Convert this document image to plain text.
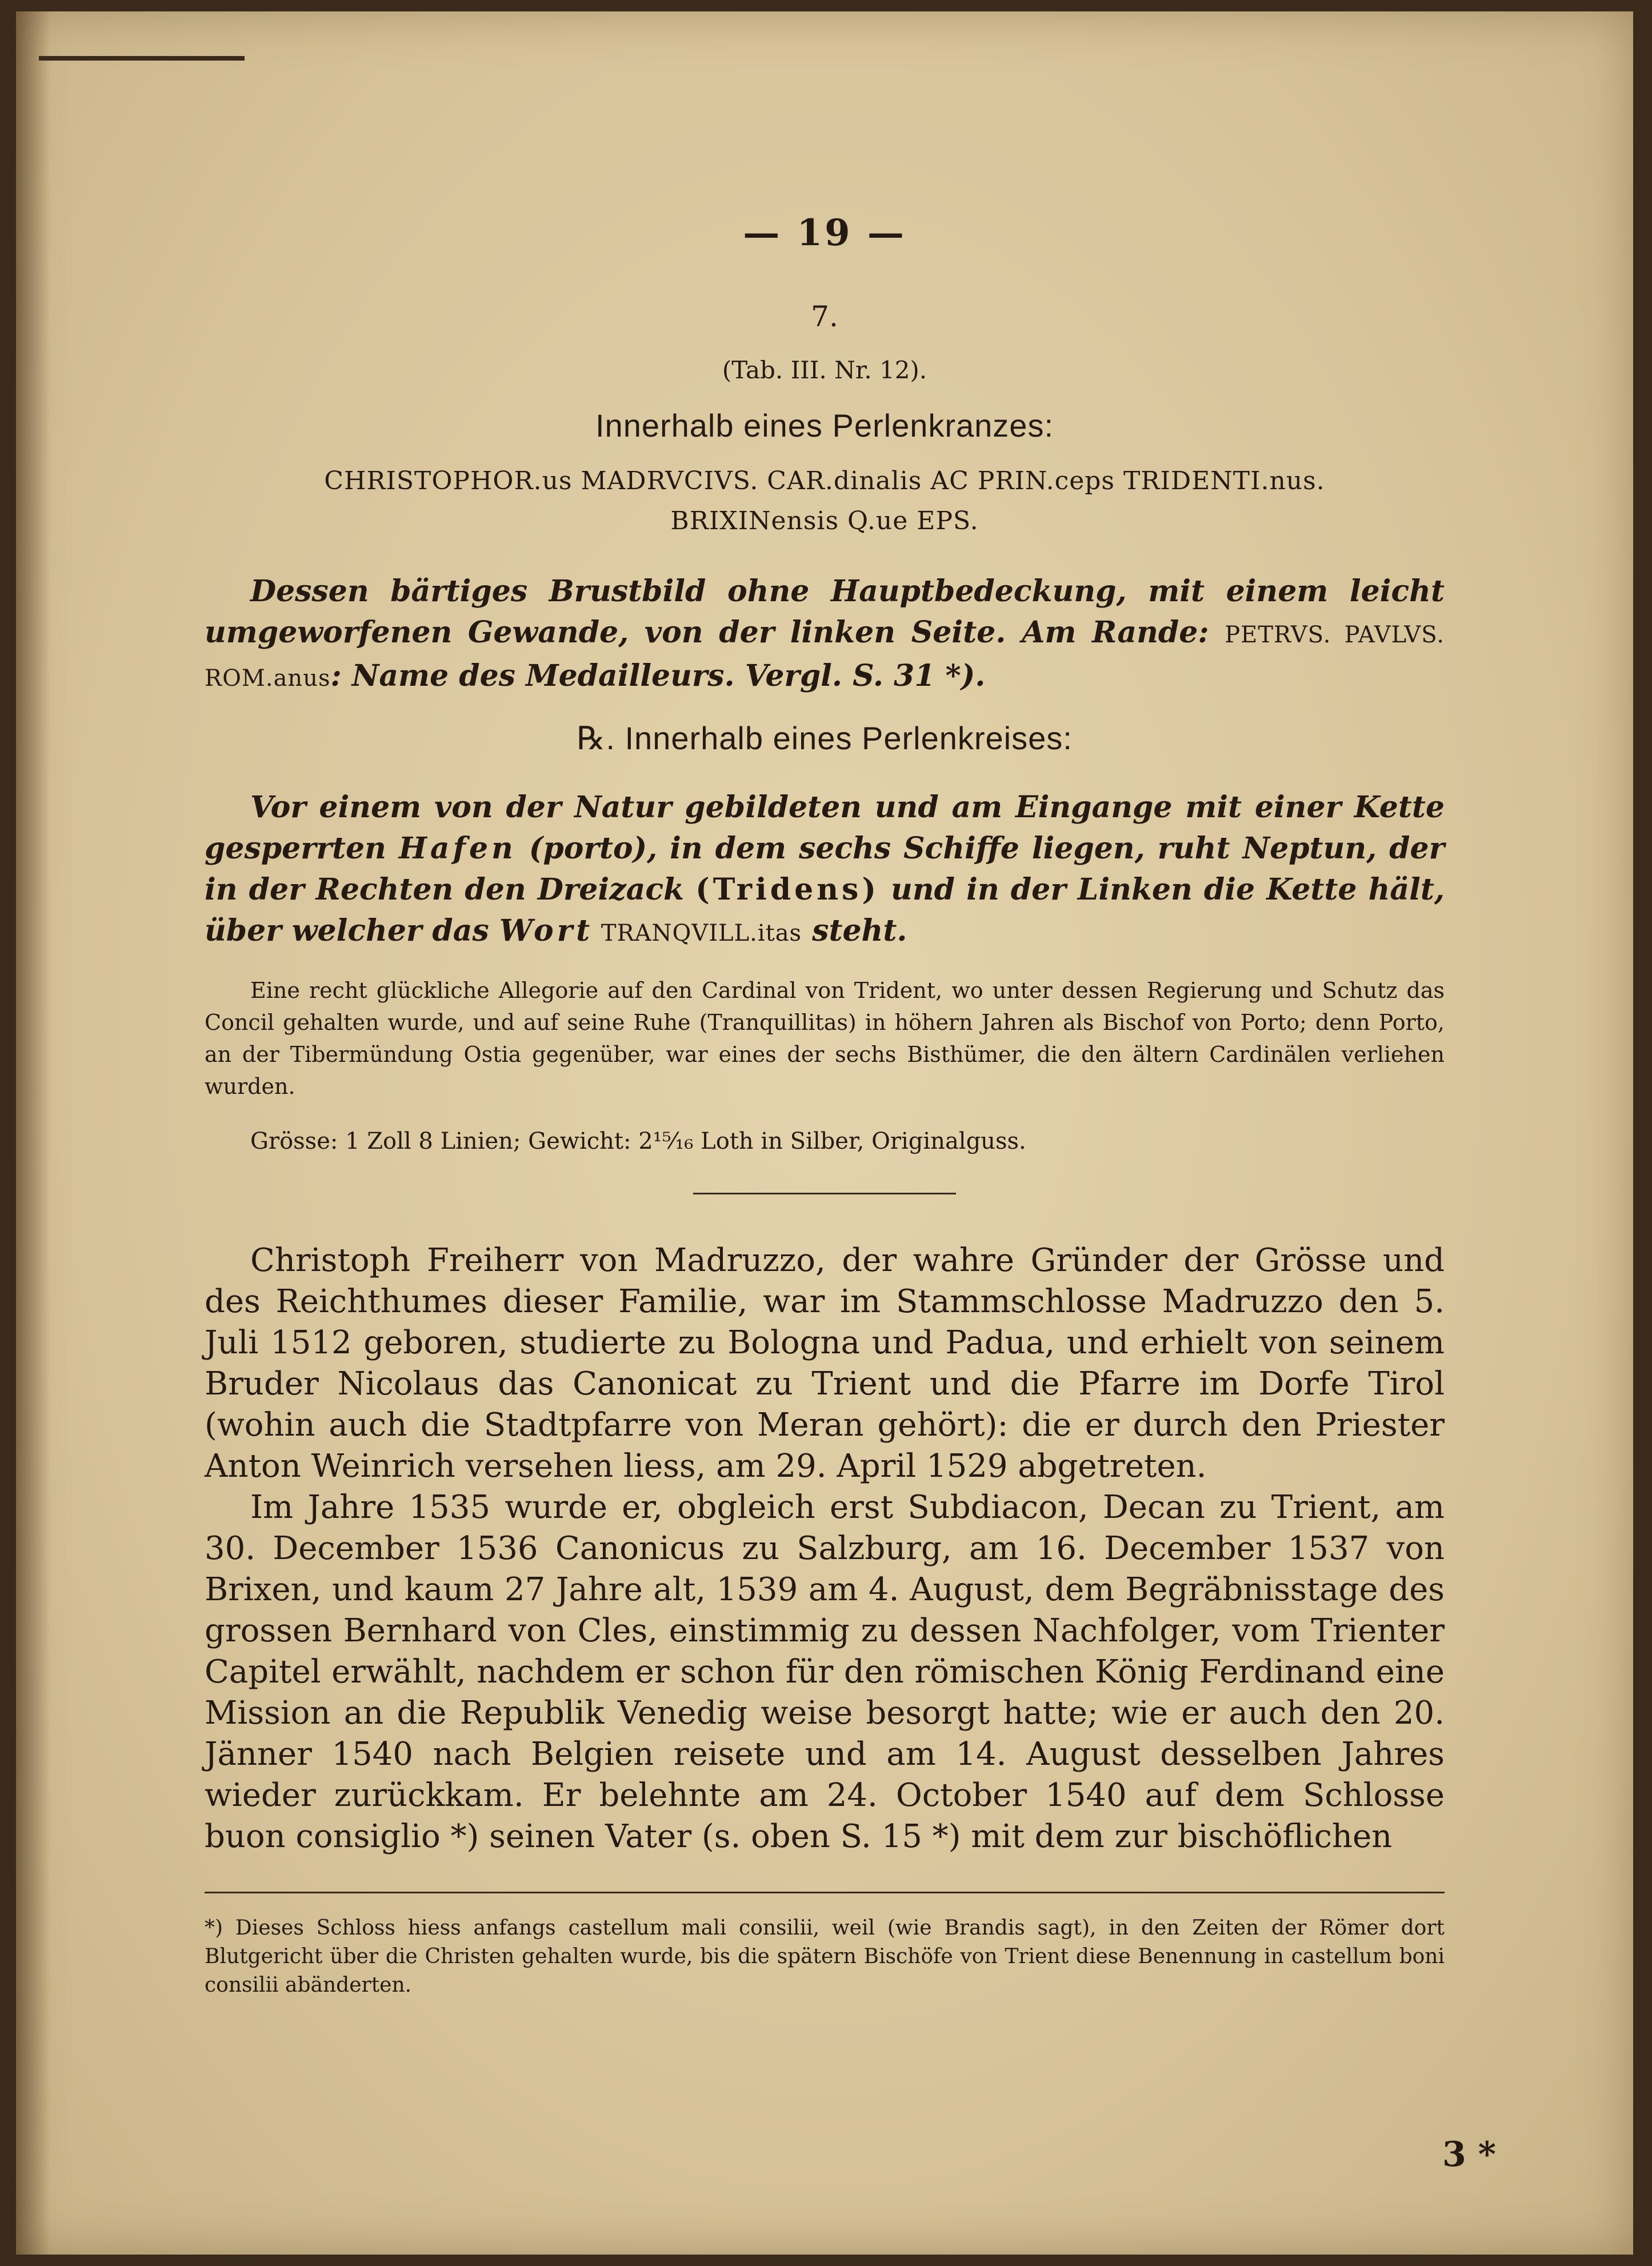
— 19 —
7.
(Tab. III. Nr. 12).
Innerhalb eines Perlenkranzes:
CHRISTOPHOR.us MADRVCIVS. CAR.dinalis AC PRIN.ceps TRIDENTI.nus.
BRIXINensis Q.ue EPS.

Dessen bärtiges Brustbild ohne Hauptbedeckung, mit einem leicht umgeworfenen Gewande, von der linken Seite. Am Rande: PETRVS. PAVLVS. ROM.anus: Name des Medailleurs. Vergl. S. 31 *).

℞. Innerhalb eines Perlenkreises:

Vor einem von der Natur gebildeten und am Eingange mit einer Kette gesperrten Hafen (porto), in dem sechs Schiffe liegen, ruht Neptun, der in der Rechten den Dreizack (Tridens) und in der Linken die Kette hält, über welcher das Wort TRANQVILL.itas steht.

Eine recht glückliche Allegorie auf den Cardinal von Trident, wo unter dessen Regierung und Schutz das Concil gehalten wurde, und auf seine Ruhe (Tranquillitas) in höhern Jahren als Bischof von Porto; denn Porto, an der Tibermündung Ostia gegenüber, war eines der sechs Bisthümer, die den ältern Cardinälen verliehen wurden.

Grösse: 1 Zoll 8 Linien; Gewicht: 2¹⁵⁄₁₆ Loth in Silber, Originalguss.

Christoph Freiherr von Madruzzo, der wahre Gründer der Grösse und des Reichthumes dieser Familie, war im Stammschlosse Madruzzo den 5. Juli 1512 geboren, studierte zu Bologna und Padua, und erhielt von seinem Bruder Nicolaus das Canonicat zu Trient und die Pfarre im Dorfe Tirol (wohin auch die Stadtpfarre von Meran gehört): die er durch den Priester Anton Weinrich versehen liess, am 29. April 1529 abgetreten.

Im Jahre 1535 wurde er, obgleich erst Subdiacon, Decan zu Trient, am 30. December 1536 Canonicus zu Salzburg, am 16. December 1537 von Brixen, und kaum 27 Jahre alt, 1539 am 4. August, dem Begräbnisstage des grossen Bernhard von Cles, einstimmig zu dessen Nachfolger, vom Trienter Capitel erwählt, nachdem er schon für den römischen König Ferdinand eine Mission an die Republik Venedig weise besorgt hatte; wie er auch den 20. Jänner 1540 nach Belgien reisete und am 14. August desselben Jahres wieder zurückkam. Er belehnte am 24. October 1540 auf dem Schlosse buon consiglio *) seinen Vater (s. oben S. 15 *) mit dem zur bischöflichen

*) Dieses Schloss hiess anfangs castellum mali consilii, weil (wie Brandis sagt), in den Zeiten der Römer dort Blutgericht über die Christen gehalten wurde, bis die spätern Bischöfe von Trient diese Benennung in castellum boni consilii abänderten.

3 *
